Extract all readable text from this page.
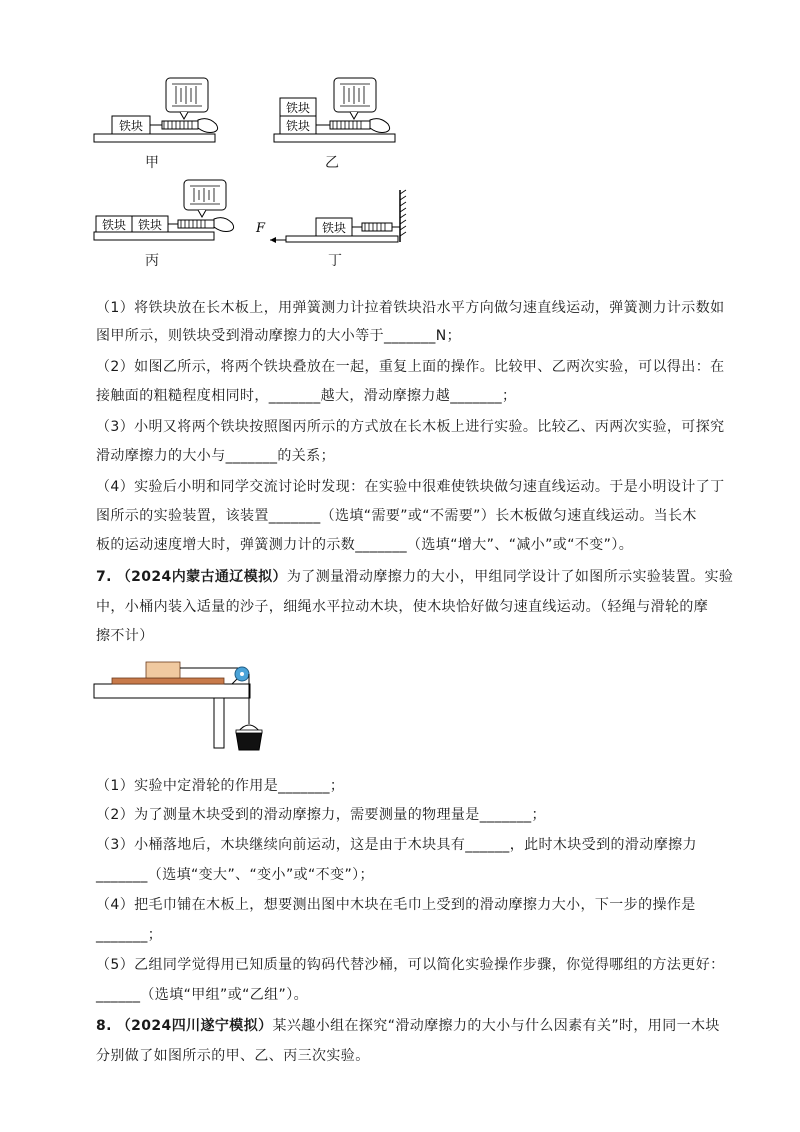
铁块
甲
铁块
铁块
乙
铁块 铁块
丙
F	铁块
丁
（1）将铁块放在长木板上，用弹簧测力计拉着铁块沿水平方向做匀速直线运动，弹簧测力计示数如
图甲所示，则铁块受到滑动摩擦力的大小等于_______N；
（2）如图乙所示，将两个铁块叠放在一起，重复上面的操作。比较甲、乙两次实验，可以得出：在
接触面的粗糙程度相同时，_______越大，滑动摩擦力越_______；
（3）小明又将两个铁块按照图丙所示的方式放在长木板上进行实验。比较乙、丙两次实验，可探究
滑动摩擦力的大小与_______的关系；
（4）实验后小明和同学交流讨论时发现：在实验中很难使铁块做匀速直线运动。于是小明设计了丁
图所示的实验装置，该装置_______（选填“需要”或“不需要”）长木板做匀速直线运动。当长木
板的运动速度增大时，弹簧测力计的示数_______（选填“增大”、“减小”或“不变”）。
7. （2024内蒙古通辽模拟）为了测量滑动摩擦力的大小，甲组同学设计了如图所示实验装置。实验
中，小桶内装入适量的沙子，细绳水平拉动木块，使木块恰好做匀速直线运动。（轻绳与滑轮的摩
擦不计）
（1）实验中定滑轮的作用是_______；
（2）为了测量木块受到的滑动摩擦力，需要测量的物理量是_______；
（3）小桶落地后，木块继续向前运动，这是由于木块具有______，此时木块受到的滑动摩擦力
_______（选填“变大”、“变小”或“不变”）；
（4）把毛巾铺在木板上，想要测出图中木块在毛巾上受到的滑动摩擦力大小，下一步的操作是
_______；
（5）乙组同学觉得用已知质量的钩码代替沙桶，可以简化实验操作步骤，你觉得哪组的方法更好：
______（选填“甲组”或“乙组”）。
8. （2024四川遂宁模拟）某兴趣小组在探究“滑动摩擦力的大小与什么因素有关”时，用同一木块
分别做了如图所示的甲、乙、丙三次实验。
